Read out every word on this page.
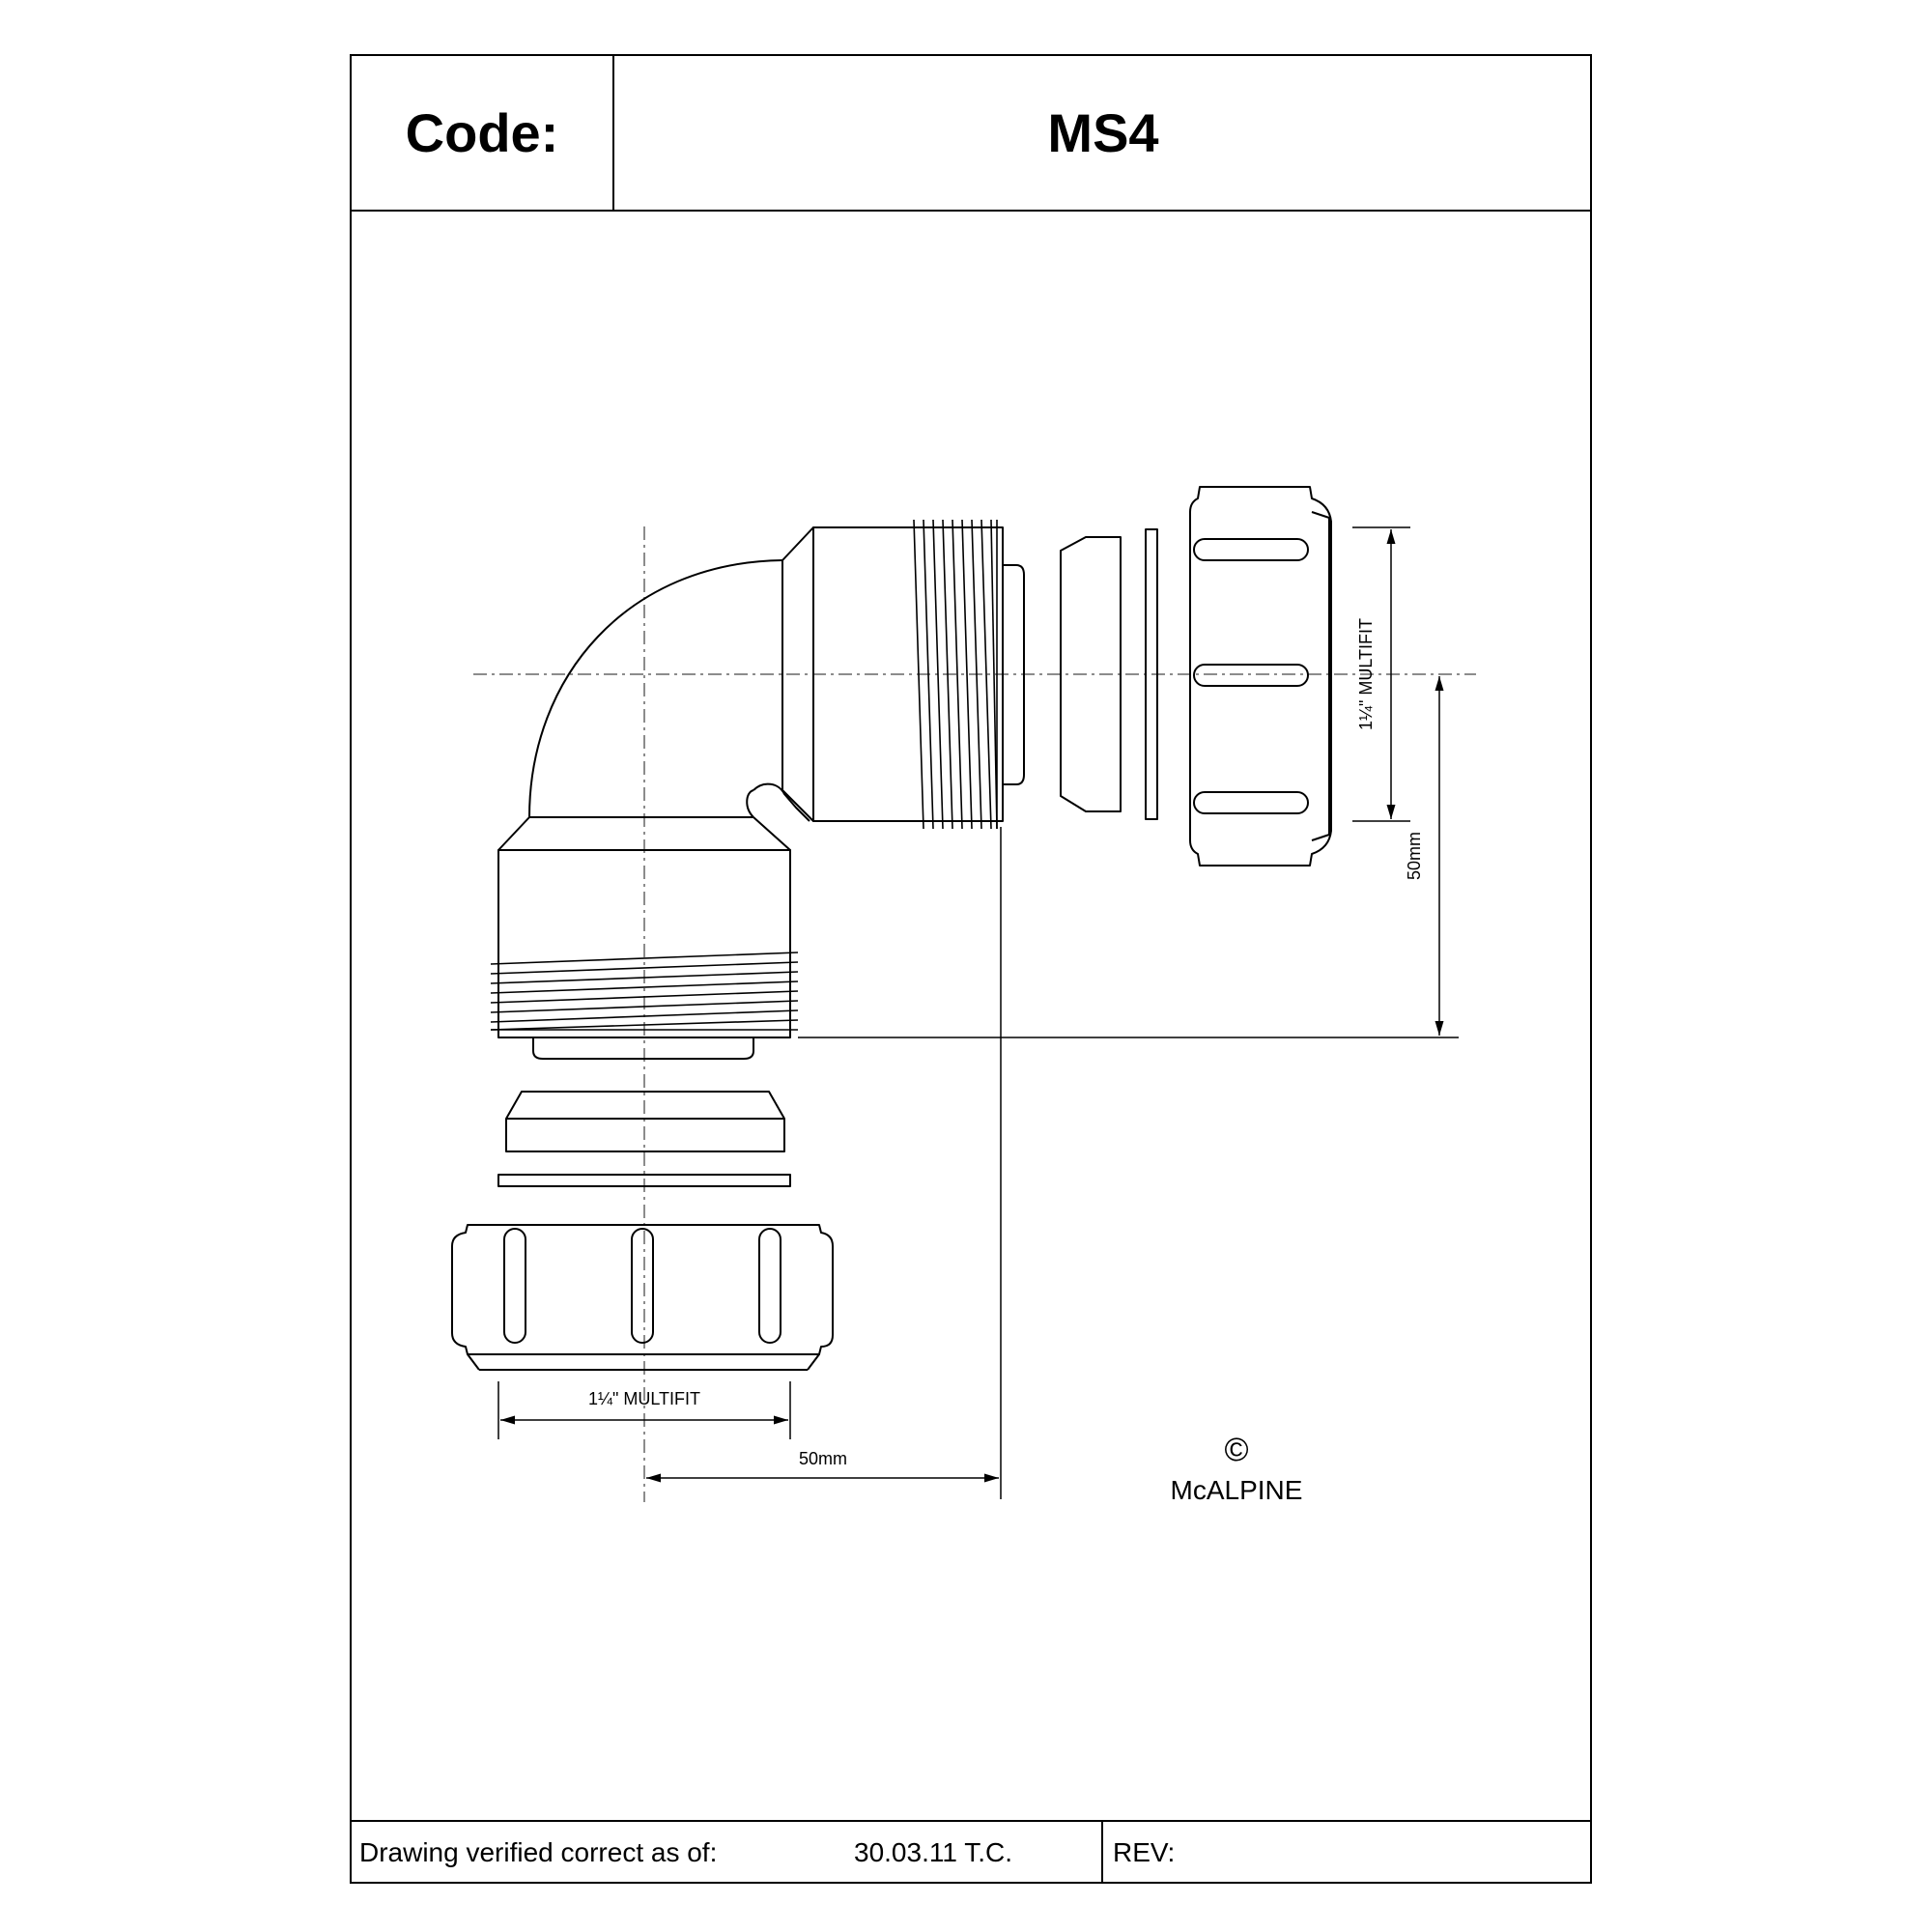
Code:	MS4
Drawing verified correct as of:	30.03.11 T.C.	REV:
1¼" MULTIFIT
50mm
1¼" MULTIFIT
50mm	©
McALPINE
